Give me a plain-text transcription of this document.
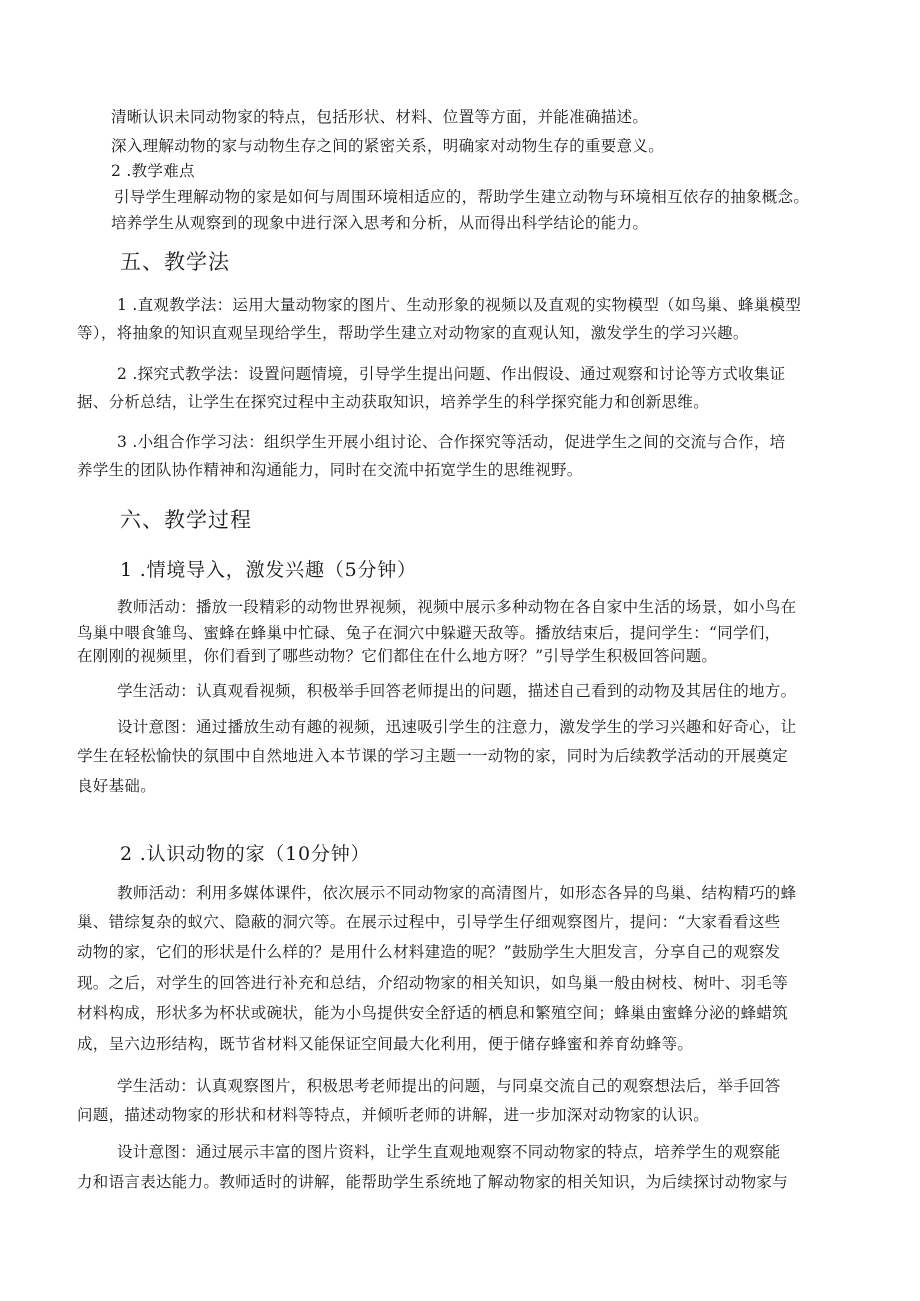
清晰认识未同动物家的特点，包括形状、材料、位置等方面，并能准确描述。
深入理解动物的家与动物生存之间的紧密关系，明确家对动物生存的重要意义。
2 .教学难点
引导学生理解动物的家是如何与周围环境相适应的，帮助学生建立动物与环境相互依存的抽象概念。
培养学生从观察到的现象中进行深入思考和分析，从而得出科学结论的能力。
五、教学法
1 .直观教学法：运用大量动物家的图片、生动形象的视频以及直观的实物模型（如鸟巢、蜂巢模型
等），将抽象的知识直观呈现给学生，帮助学生建立对动物家的直观认知，激发学生的学习兴趣。
2 .探究式教学法：设置问题情境，引导学生提出问题、作出假设、通过观察和讨论等方式收集证
据、分析总结，让学生在探究过程中主动获取知识，培养学生的科学探究能力和创新思维。
3 .小组合作学习法：组织学生开展小组讨论、合作探究等活动，促进学生之间的交流与合作，培
养学生的团队协作精神和沟通能力，同时在交流中拓宽学生的思维视野。
六、教学过程
1 .情境导入，激发兴趣（5分钟）
教师活动：播放一段精彩的动物世界视频，视频中展示多种动物在各自家中生活的场景，如小鸟在
鸟巢中喂食雏鸟、蜜蜂在蜂巢中忙碌、兔子在洞穴中躲避天敌等。播放结束后，提问学生：“同学们，
在刚刚的视频里，你们看到了哪些动物？它们都住在什么地方呀？”引导学生积极回答问题。
学生活动：认真观看视频，积极举手回答老师提出的问题，描述自己看到的动物及其居住的地方。
设计意图：通过播放生动有趣的视频，迅速吸引学生的注意力，激发学生的学习兴趣和好奇心，让
学生在轻松愉快的氛围中自然地进入本节课的学习主题一一动物的家，同时为后续教学活动的开展奠定
良好基础。
2 .认识动物的家（10分钟）
教师活动：利用多媒体课件，依次展示不同动物家的高清图片，如形态各异的鸟巢、结构精巧的蜂
巢、错综复杂的蚁穴、隐蔽的洞穴等。在展示过程中，引导学生仔细观察图片，提问：“大家看看这些
动物的家，它们的形状是什么样的？是用什么材料建造的呢？”鼓励学生大胆发言，分享自己的观察发
现。之后，对学生的回答进行补充和总结，介绍动物家的相关知识，如鸟巢一般由树枝、树叶、羽毛等
材料构成，形状多为杯状或碗状，能为小鸟提供安全舒适的栖息和繁殖空间；蜂巢由蜜蜂分泌的蜂蜡筑
成，呈六边形结构，既节省材料又能保证空间最大化利用，便于储存蜂蜜和养育幼蜂等。
学生活动：认真观察图片，积极思考老师提出的问题，与同桌交流自己的观察想法后，举手回答
问题，描述动物家的形状和材料等特点，并倾听老师的讲解，进一步加深对动物家的认识。
设计意图：通过展示丰富的图片资料，让学生直观地观察不同动物家的特点，培养学生的观察能
力和语言表达能力。教师适时的讲解，能帮助学生系统地了解动物家的相关知识，为后续探讨动物家与
